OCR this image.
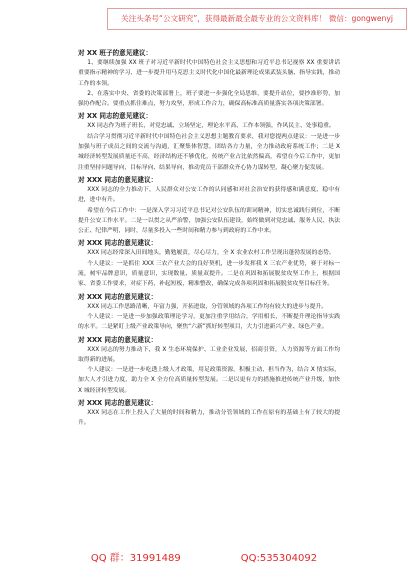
关注头条号“公文研究”，获得最新最全最专业的公文资料库！ 微信：gongwenyj
对 XX 班子的意见建议：
1、要继续加强 XX 班子对习近平新时代中国特色社会主义思想和习近平总书记视察 XX 重要讲话重要指示精神的学习，进一步提升用马克思主义时代化中国化最新理论成果武装头脑、指导实践，推动工作的本领。
2、在落实中央、省委的决策部署上，班子要进一步强化全局思维，要提升站位，要抄准形势，加强协作配合。要重点抓住难点，努力攻坚，形成工作合力，确保高标准高质量落实各项决策部署。
对 XX 同志的意见建议：
XX 同志作为班子班长，对党忠诚、立场坚定，理论水平高、工作本领强，作风民主、处事稳重。
结合学习贯彻习近平新时代中国特色社会主义思想主题教育要求，我对您提两点建议：一是进一步加强与班子成员之间的交流与沟通，汇聚集体智慧，团结各方力量，全力推动政府系统工作；二是 X 城经济转型发展质量还不高，经济结构还不够优化，传统产业占比依然偏高，希望在今后工作中，更加注重坚持问题导向，目标导向、结果导向，推动党员干部群众齐心协力谋转型，凝心聚力促发展。
对 XXX 同志的意见建议：
XXX 同志的全力推动下，人民群众对公安工作的认同感和对社会治安的获得感和满意度，稳中有进，进中有升。
希望在今后工作中：一是深入学习习近平总书记对公安队伍的训词精神，切实忠诚践行到位，不断提升公安工作水平。二是一以贯之从严治警，加强公安队伍建设，始终做到对党忠诚、服务人民、执法公正、纪律严明，同时，尽量多投入一些时间和精力参与到政府的工作中来。
对 XXX 同志的意见建议：
XXX 同志经常深入田间地头，勤勉履责，尽心尽力，全 X 农业农村工作呈现出蓬勃发展的态势。
个人建议：一是抓住 XXX 三农产业大会的良好契机，进一步发挥我 X 三农产业优势，赛于对标一流，树牢品牌意识，质量意识，实现数量、质量双提升。二是在巩固和拓展脱贫攻坚工作上，根据国家、省委工作要求，对症下药，补起短板，精准整改，确保完成各项巩固和拓展脱贫攻坚目标任务。
对 XXX 同志的意见建议：
XXX 同志工作思路清晰，年富力强，开拓进取，分管领域的各项工作均有较大的进步与提升。
个人建议：一是进一步加强政策理论学习，更加注重学用结合，学用相长，不断提升理论指导实践的水平。二是紧盯上级产业政策导向，聚焦“六新”抓好转型项目，大力引进新兴产业、绿色产业。
对 XXX 同志的意见建议：
XXX 同志的努力推动下，我 X 生态环境保护、工业企业发展，招商引资，人力资源等方面工作均取得新的进展。
个人建议：一是进一步吃透上级人才政策，用足政策资源，积极主动、担当作为，结合 X 情实际，加大人才引进力度，助力全 X 全方位高质量转型发展。二是以更有力的措施推进传统产业升级，加快 X 城经济转型发展。
对 XXX 同志的意见建议：
XXX 同志在工作上投入了大量的时间和精力，推动分管领域的工作在原有的基础上有了较大的提升。
QQ 群：31991489	QQ:535304092
